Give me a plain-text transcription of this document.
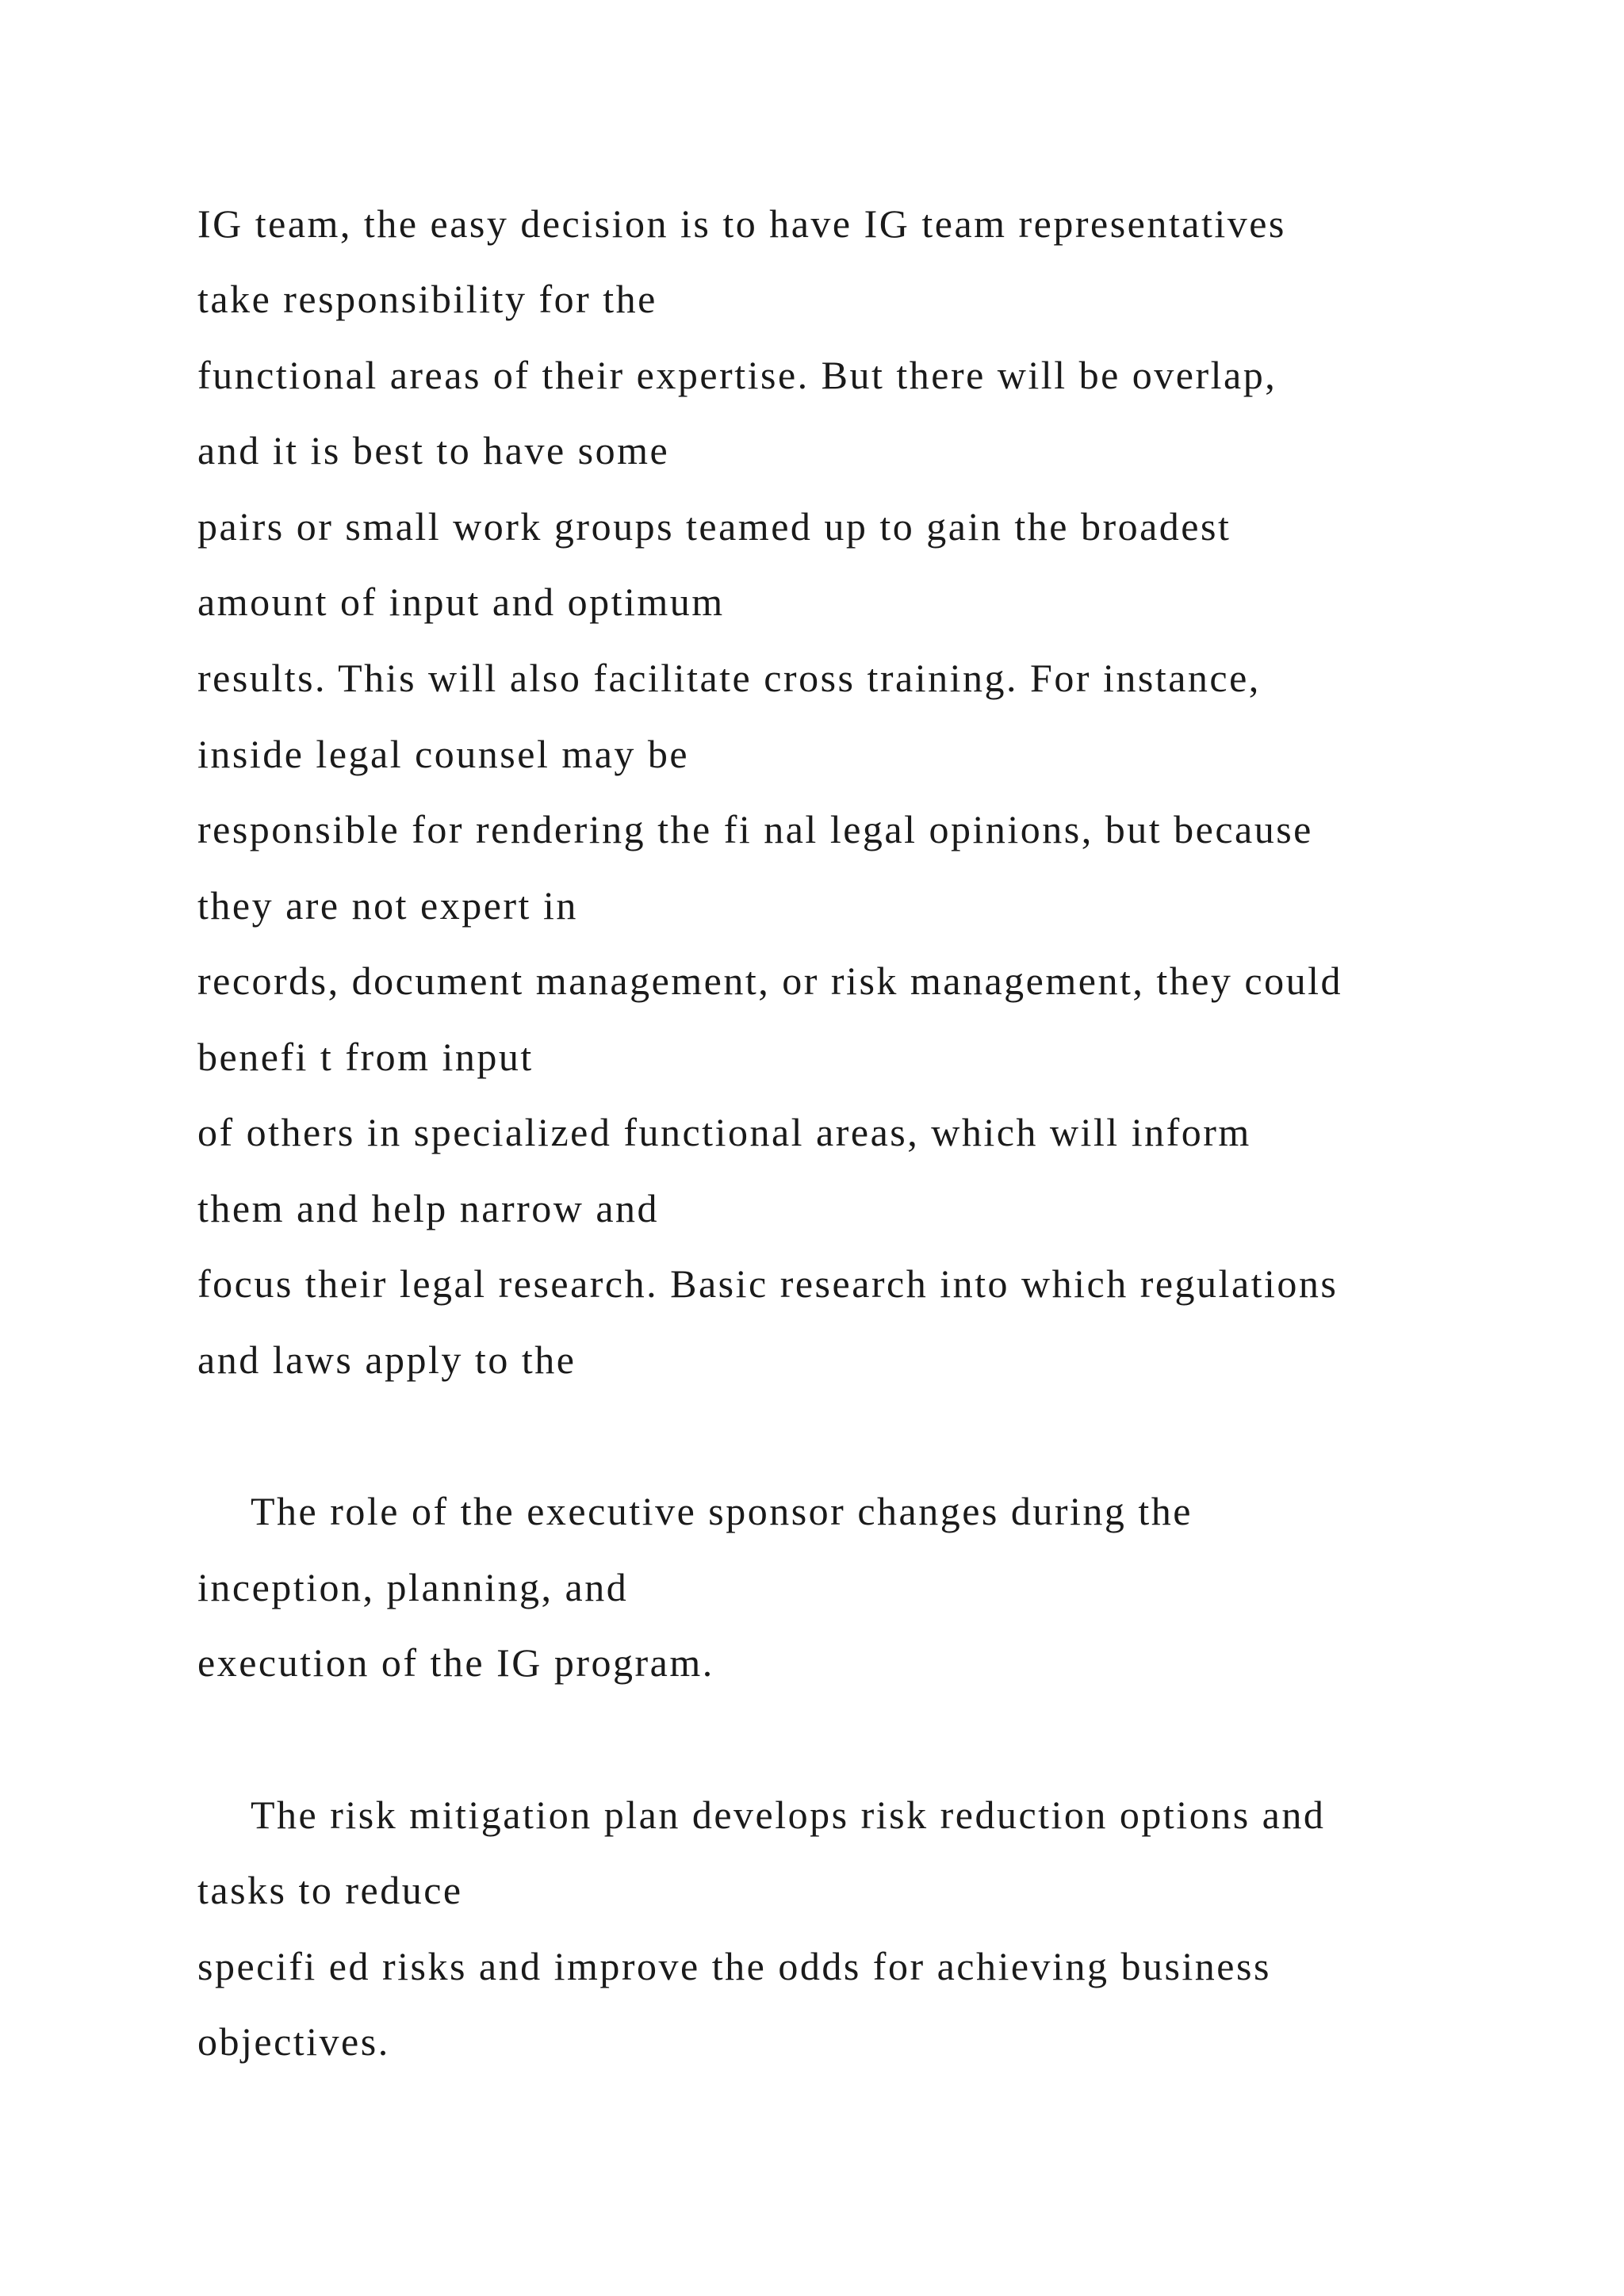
IG team, the easy decision is to have IG team representatives
take responsibility for the
functional areas of their expertise. But there will be overlap,
and it is best to have some
pairs or small work groups teamed up to gain the broadest
amount of input and optimum
results. This will also facilitate cross training. For instance,
inside legal counsel may be
responsible for rendering the fi nal legal opinions, but because
they are not expert in
records, document management, or risk management, they could
benefi t from input
of others in specialized functional areas, which will inform
them and help narrow and
focus their legal research. Basic research into which regulations
and laws apply to the
The role of the executive sponsor changes during the
inception, planning, and
execution of the IG program.
The risk mitigation plan develops risk reduction options and
tasks to reduce
specifi ed risks and improve the odds for achieving business
objectives.
